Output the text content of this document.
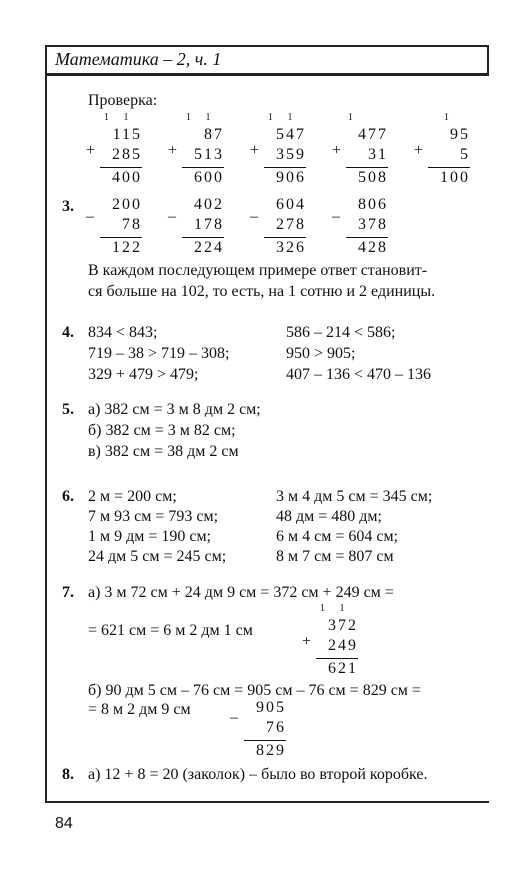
Математика – 2, ч. 1
Проверка:
1 1
+
115
285
400
1 1
+
87
513
600
1 1
+
547
359
906
1
+
477
31
508
1
+
95
5
100
3.
–
200
78
122
–
402
178
224
–
604
278
326
–
806
378
428
В каждом последующем примере ответ становит-
ся больше на 102, то есть, на 1 сотню и 2 единицы.
4. 834 < 843;
719 – 38 > 719 – 308;
329 + 479 > 479;
586 – 214 < 586;
950 > 905;
407 – 136 < 470 – 136
5. а) 382 см = 3 м 8 дм 2 см;
б) 382 см = 3 м 82 см;
в) 382 см = 38 дм 2 см
6. 2 м = 200 см;
7 м 93 см = 793 см;
1 м 9 дм = 190 см;
24 дм 5 см = 245 см;
3 м 4 дм 5 см = 345 см;
48 дм = 480 дм;
6 м 4 см = 604 см;
8 м 7 см = 807 см
7. а) 3 м 72 см + 24 дм 9 см = 372 см + 249 см =
= 621 см = 6 м 2 дм 1 см
1 1
+
372
249
621
б) 90 дм 5 см – 76 см = 905 см – 76 см = 829 см =
= 8 м 2 дм 9 см –
905
76
829
8. а) 12 + 8 = 20 (заколок) – было во второй коробке.
84
